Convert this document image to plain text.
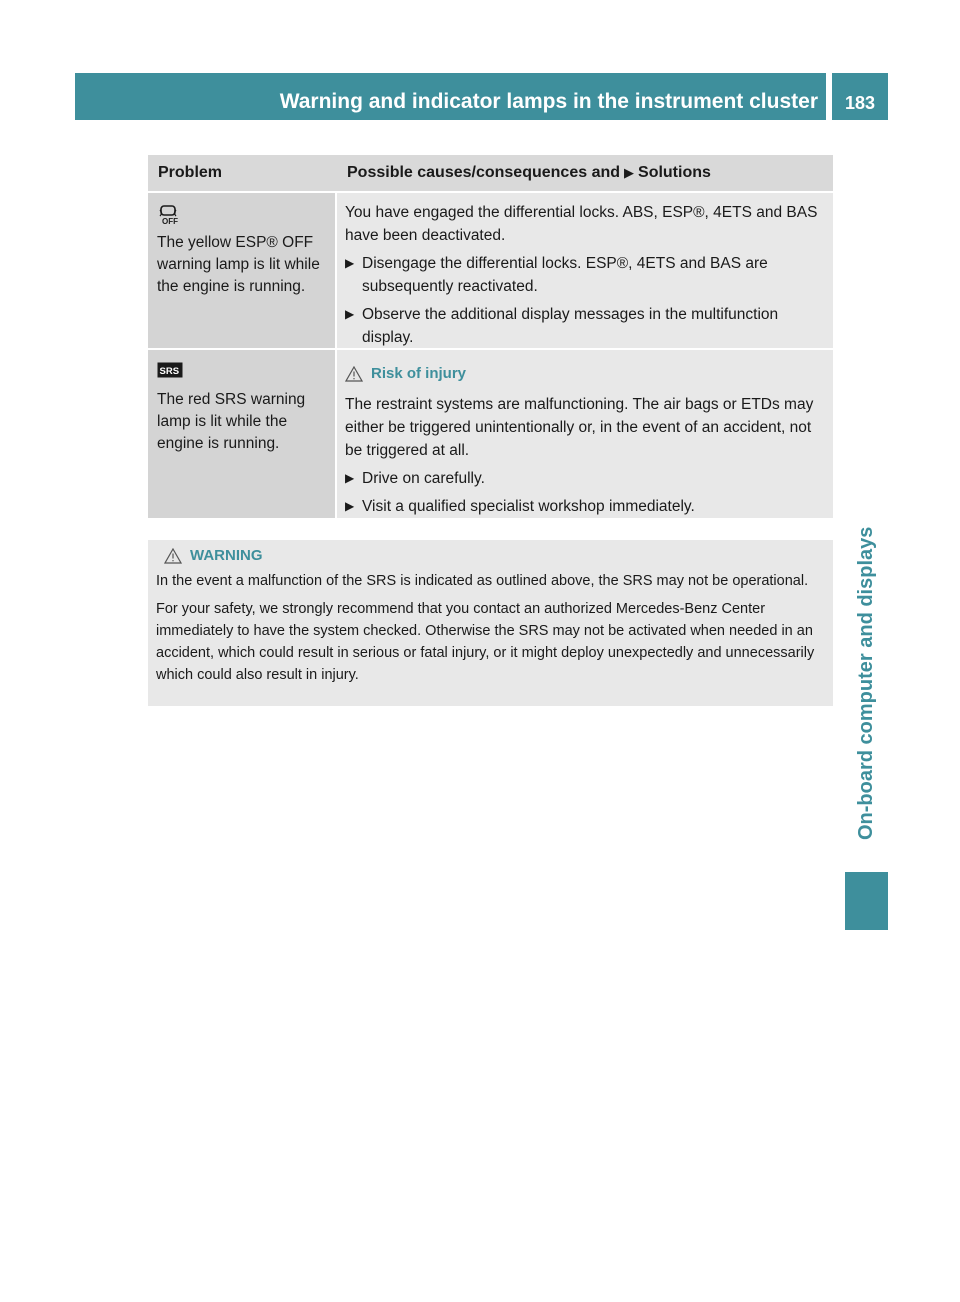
Warning and indicator lamps in the instrument cluster	183
On-board computer and displays
Problem	Possible causes/consequences and ▶ Solutions
OFF
The yellow ESP® OFF warning lamp is lit while the engine is running.
You have engaged the differential locks. ABS, ESP®, 4ETS and BAS have been deactivated.
▶ Disengage the differential locks. ESP®, 4ETS and BAS are subsequently reactivated.
▶ Observe the additional display messages in the multifunction display.
SRS
The red SRS warning lamp is lit while the engine is running.
Risk of injury
The restraint systems are malfunctioning. The air bags or ETDs may either be triggered unintentionally or, in the event of an accident, not be triggered at all.
▶ Drive on carefully.
▶ Visit a qualified specialist workshop immediately.
WARNING

In the event a malfunction of the SRS is indicated as outlined above, the SRS may not be operational.

For your safety, we strongly recommend that you contact an authorized Mercedes-Benz Center immediately to have the system checked. Otherwise the SRS may not be activated when needed in an accident, which could result in serious or fatal injury, or it might deploy unexpectedly and unnecessarily which could also result in injury.
